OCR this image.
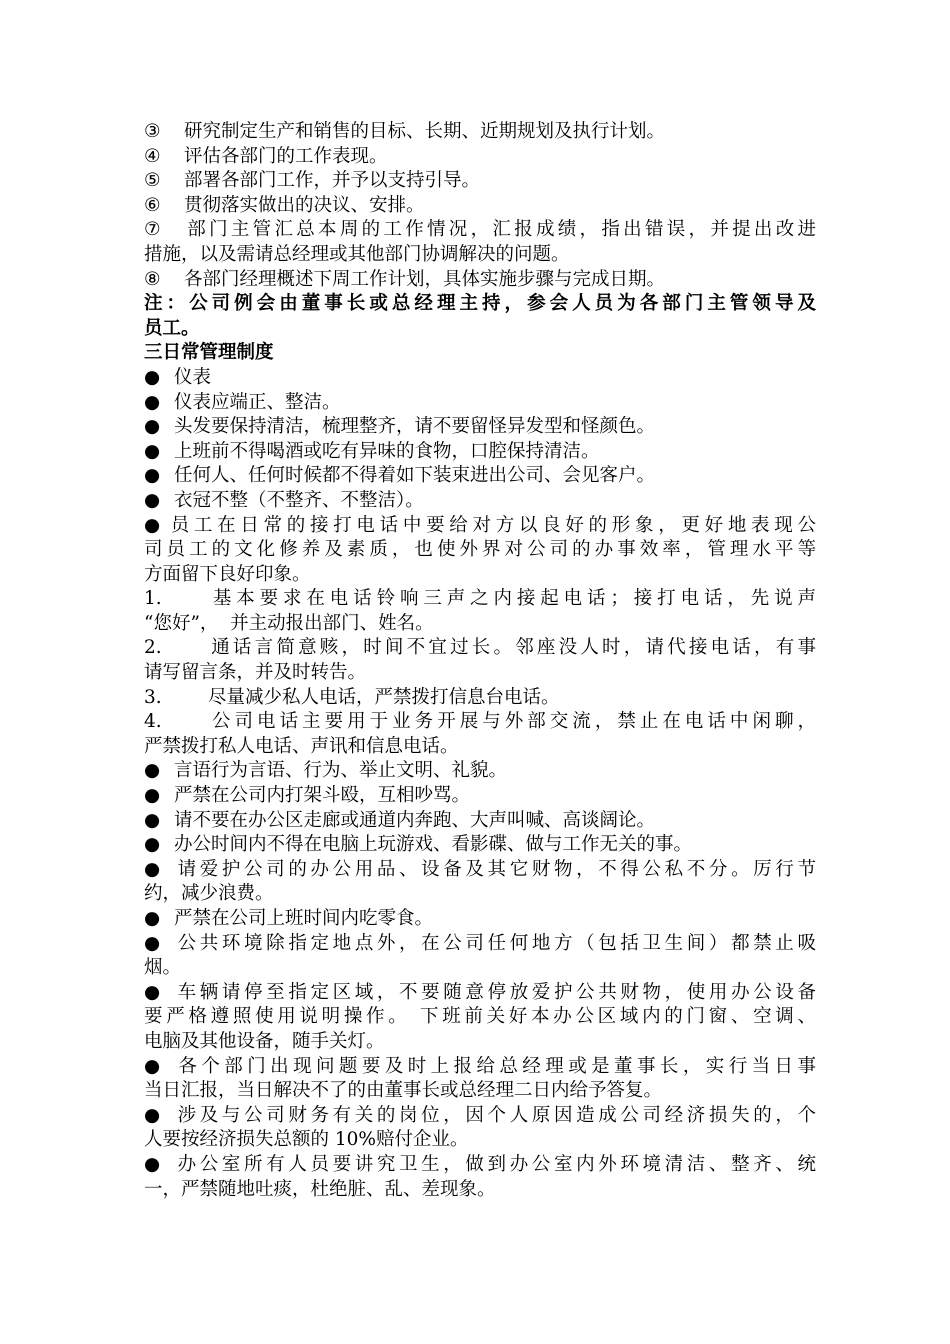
③ 研究制定生产和销售的目标、长期、近期规划及执行计划。
④ 评估各部门的工作表现。
⑤ 部署各部门工作，并予以支持引导。
⑥ 贯彻落实做出的决议、安排。
⑦ 部门主管汇总本周的工作情况，汇报成绩，指出错误，并提出改进
措施，以及需请总经理或其他部门协调解决的问题。
⑧ 各部门经理概述下周工作计划，具体实施步骤与完成日期。
注：公司例会由董事长或总经理主持，参会人员为各部门主管领导及
员工。
三日常管理制度
● 仪表
● 仪表应端正、整洁。
● 头发要保持清洁，梳理整齐，请不要留怪异发型和怪颜色。
● 上班前不得喝酒或吃有异味的食物，口腔保持清洁。
● 任何人、任何时候都不得着如下装束进出公司、会见客户。
● 衣冠不整（不整齐、不整洁）。
● 员工在日常的接打电话中要给对方以良好的形象，更好地表现公
司员工的文化修养及素质，也使外界对公司的办事效率，管理水平等
方面留下良好印象。
1.	基本要求在电话铃响三声之内接起电话；接打电话，先说声
“您好”，  并主动报出部门、姓名。
2.	通话言简意赅，时间不宜过长。邻座没人时，请代接电话，有事
请写留言条，并及时转告。
3.	尽量减少私人电话，严禁拨打信息台电话。
4.	公司电话主要用于业务开展与外部交流，禁止在电话中闲聊，
严禁拨打私人电话、声讯和信息电话。
● 言语行为言语、行为、举止文明、礼貌。
● 严禁在公司内打架斗殴，互相吵骂。
● 请不要在办公区走廊或通道内奔跑、大声叫喊、高谈阔论。
● 办公时间内不得在电脑上玩游戏、看影碟、做与工作无关的事。
● 请爱护公司的办公用品、设备及其它财物，不得公私不分。厉行节
约，减少浪费。
● 严禁在公司上班时间内吃零食。
● 公共环境除指定地点外，在公司任何地方（包括卫生间）都禁止吸
烟。
● 车辆请停至指定区域，不要随意停放爱护公共财物，使用办公设备
要严格遵照使用说明操作。 下班前关好本办公区域内的门窗、空调、
电脑及其他设备，随手关灯。
● 各个部门出现问题要及时上报给总经理或是董事长，实行当日事
当日汇报，当日解决不了的由董事长或总经理二日内给予答复。
● 涉及与公司财务有关的岗位，因个人原因造成公司经济损失的，个
人要按经济损失总额的 10%赔付企业。
● 办公室所有人员要讲究卫生，做到办公室内外环境清洁、整齐、统
一，严禁随地吐痰，杜绝脏、乱、差现象。
